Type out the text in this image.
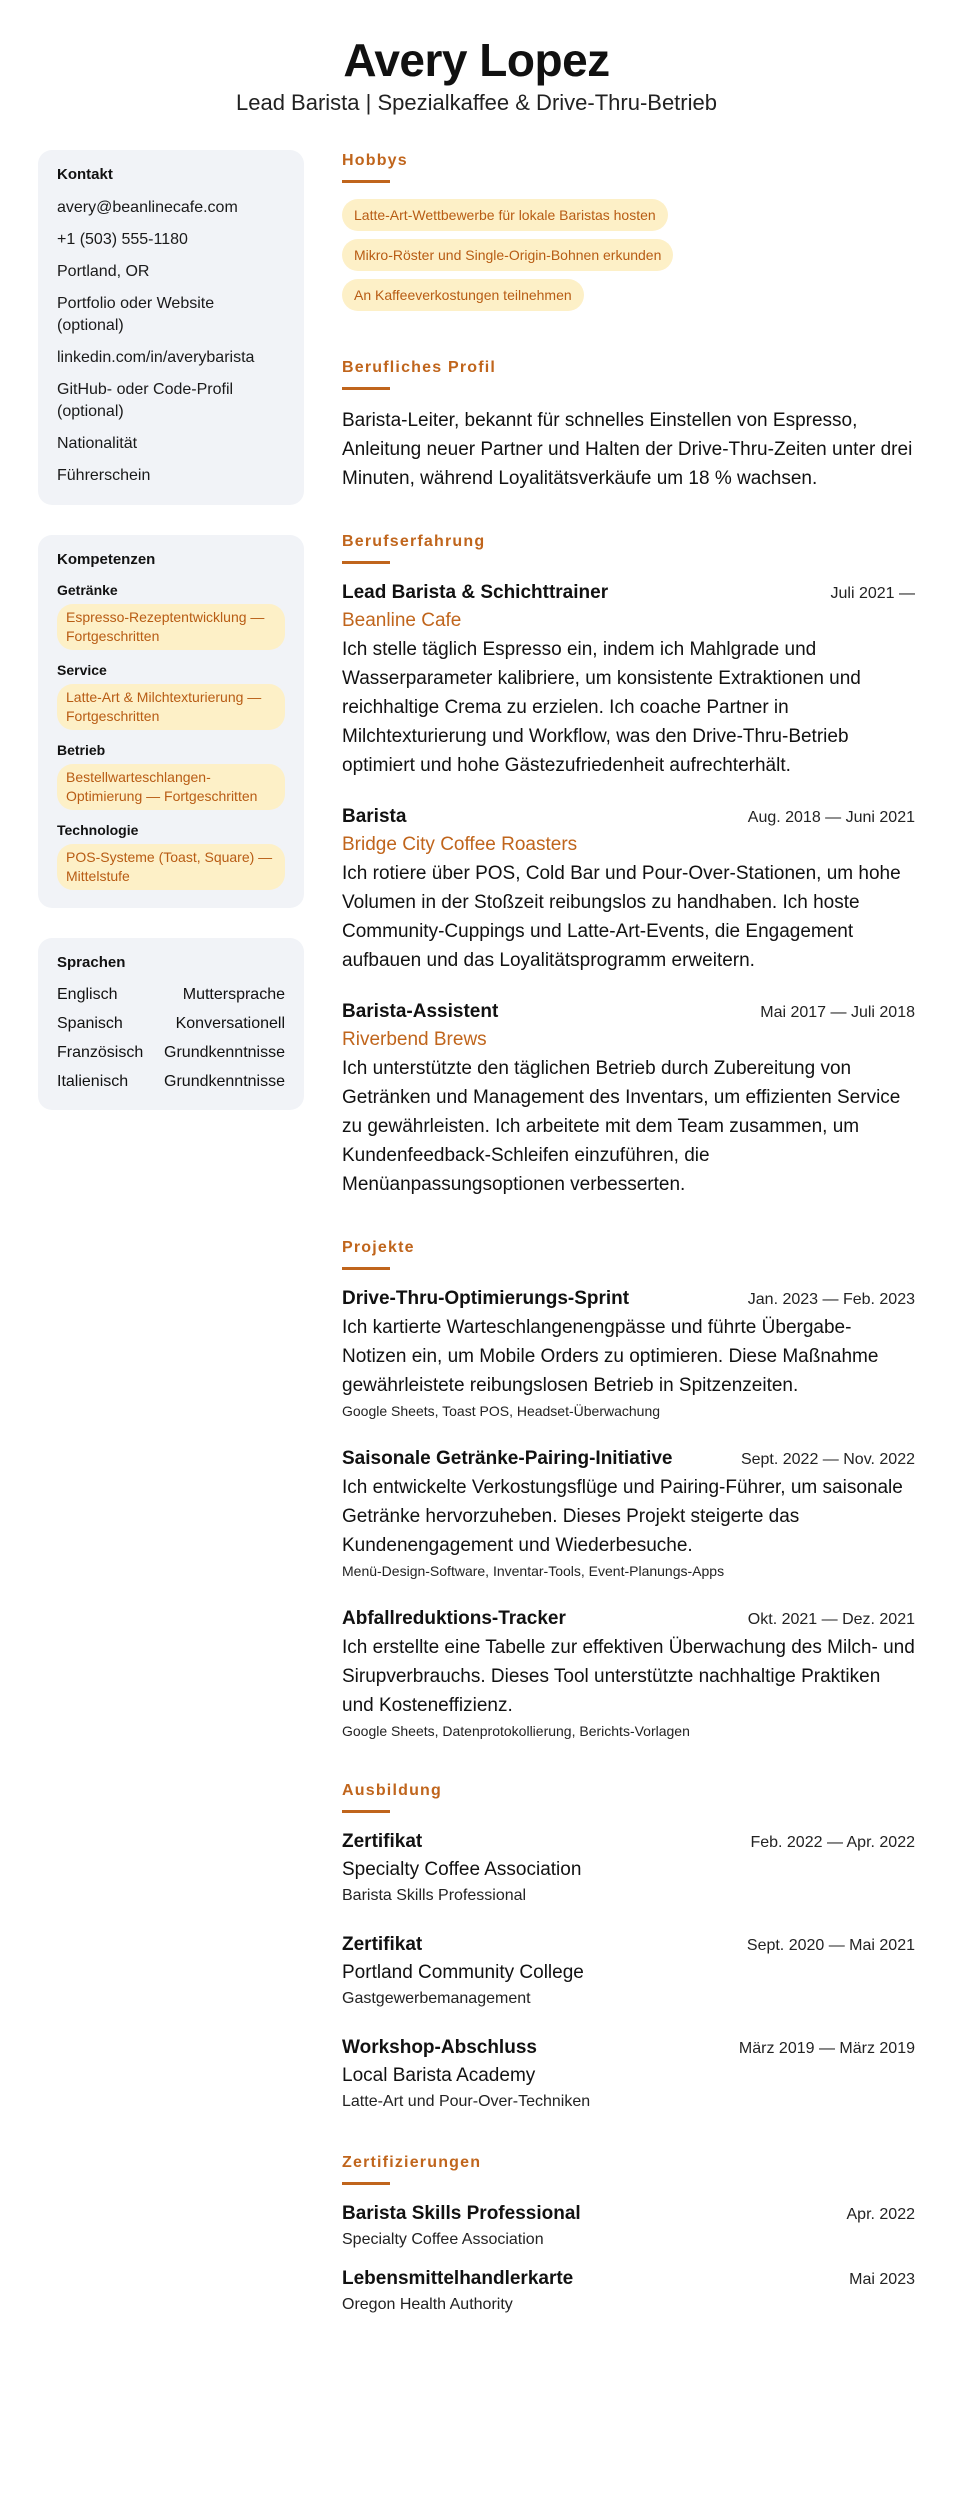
Avery Lopez
Lead Barista | Spezialkaffee & Drive-Thru-Betrieb
Kontakt
avery@beanlinecafe.com
+1 (503) 555-1180
Portland, OR
Portfolio oder Website (optional)
linkedin.com/in/averybarista
GitHub- oder Code-Profil (optional)
Nationalität
Führerschein
Kompetenzen
Getränke
Espresso-Rezeptentwicklung — Fortgeschritten
Service
Latte-Art & Milchtexturierung — Fortgeschritten
Betrieb
Bestellwarteschlangen-Optimierung — Fortgeschritten
Technologie
POS-Systeme (Toast, Square) — Mittelstufe
Sprachen
Englisch	Muttersprache
Spanisch	Konversationell
Französisch Grundkenntnisse
Italienisch Grundkenntnisse
Hobbys
Latte-Art-Wettbewerbe für lokale Baristas hosten
Mikro-Röster und Single-Origin-Bohnen erkunden
An Kaffeeverkostungen teilnehmen
Berufliches Profil

Barista-Leiter, bekannt für schnelles Einstellen von Espresso, Anleitung neuer Partner und Halten der Drive-Thru-Zeiten unter drei Minuten, während Loyalitätsverkäufe um 18 % wachsen.

Berufserfahrung
Lead Barista & Schichttrainer	Juli 2021 —
Beanline Cafe

Ich stelle täglich Espresso ein, indem ich Mahlgrade und Wasserparameter kalibriere, um konsistente Extraktionen und reichhaltige Crema zu erzielen. Ich coache Partner in Milchtexturierung und Workflow, was den Drive-Thru-Betrieb optimiert und hohe Gästezufriedenheit aufrechterhält.

Barista	Aug. 2018 — Juni 2021
Bridge City Coffee Roasters

Ich rotiere über POS, Cold Bar und Pour-Over-Stationen, um hohe Volumen in der Stoßzeit reibungslos zu handhaben. Ich hoste Community-Cuppings und Latte-Art-Events, die Engagement aufbauen und das Loyalitätsprogramm erweitern.

Barista-Assistent	Mai 2017 — Juli 2018
Riverbend Brews

Ich unterstützte den täglichen Betrieb durch Zubereitung von Getränken und Management des Inventars, um effizienten Service zu gewährleisten. Ich arbeitete mit dem Team zusammen, um Kundenfeedback-Schleifen einzuführen, die Menüanpassungsoptionen verbesserten.

Projekte
Drive-Thru-Optimierungs-Sprint	Jan. 2023 — Feb. 2023

Ich kartierte Warteschlangenengpässe und führte Übergabe-Notizen ein, um Mobile Orders zu optimieren. Diese Maßnahme gewährleistete reibungslosen Betrieb in Spitzenzeiten.

Google Sheets, Toast POS, Headset-Überwachung
Saisonale Getränke-Pairing-Initiative	Sept. 2022 — Nov. 2022

Ich entwickelte Verkostungsflüge und Pairing-Führer, um saisonale Getränke hervorzuheben. Dieses Projekt steigerte das Kundenengagement und Wiederbesuche.

Menü-Design-Software, Inventar-Tools, Event-Planungs-Apps
Abfallreduktions-Tracker	Okt. 2021 — Dez. 2021

Ich erstellte eine Tabelle zur effektiven Überwachung des Milch- und Sirupverbrauchs. Dieses Tool unterstützte nachhaltige Praktiken und Kosteneffizienz.

Google Sheets, Datenprotokollierung, Berichts-Vorlagen
Ausbildung
Zertifikat	Feb. 2022 — Apr. 2022
Specialty Coffee Association
Barista Skills Professional
Zertifikat	Sept. 2020 — Mai 2021
Portland Community College
Gastgewerbemanagement
Workshop-Abschluss	März 2019 — März 2019
Local Barista Academy
Latte-Art und Pour-Over-Techniken
Zertifizierungen
Barista Skills Professional	Apr. 2022
Specialty Coffee Association
Lebensmittelhandlerkarte	Mai 2023
Oregon Health Authority
